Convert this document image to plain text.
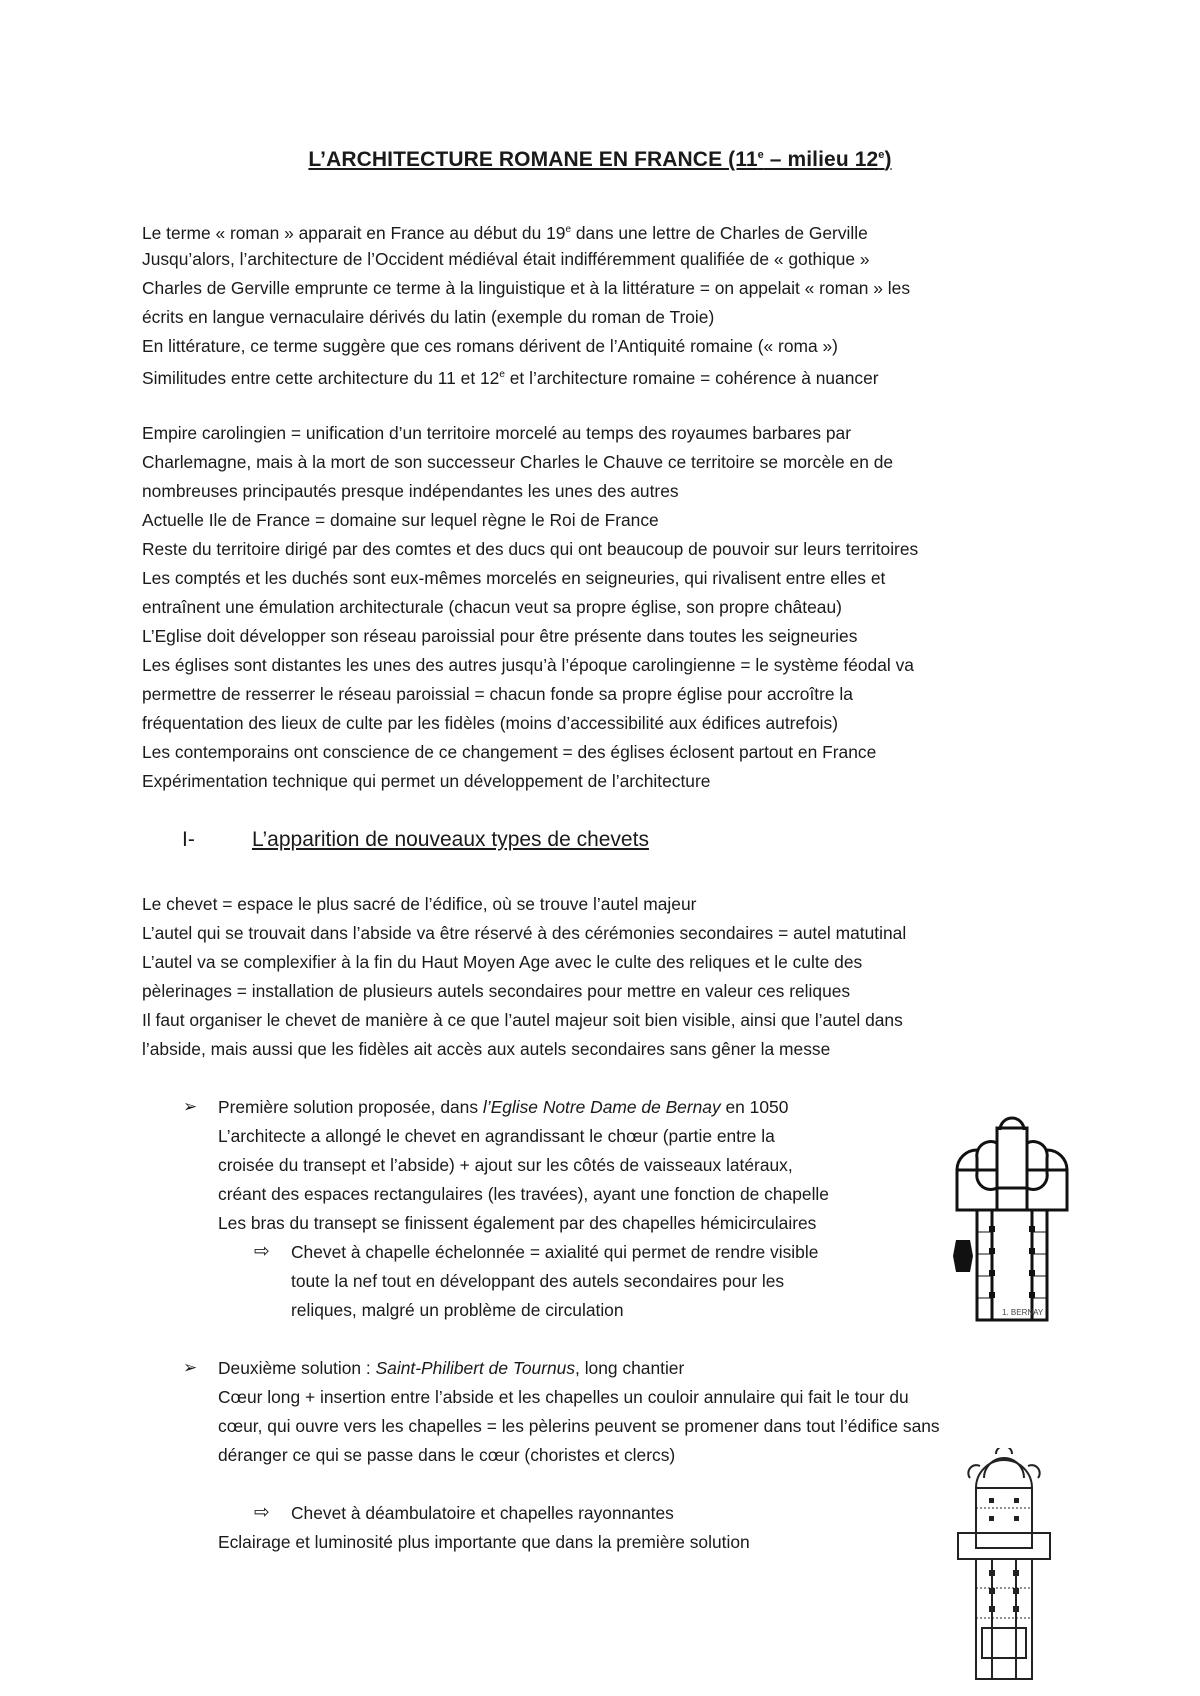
L’ARCHITECTURE ROMANE EN FRANCE (11e – milieu 12e)
Le terme « roman » apparait en France au début du 19e dans une lettre de Charles de Gerville
Jusqu’alors, l’architecture de l’Occident médiéval était indifféremment qualifiée de « gothique »
Charles de Gerville emprunte ce terme à la linguistique et à la littérature = on appelait « roman » les
écrits en langue vernaculaire dérivés du latin (exemple du roman de Troie)
En littérature, ce terme suggère que ces romans dérivent de l’Antiquité romaine (« roma »)
Similitudes entre cette architecture du 11 et 12e et l’architecture romaine = cohérence à nuancer
Empire carolingien = unification d’un territoire morcelé au temps des royaumes barbares par
Charlemagne, mais à la mort de son successeur Charles le Chauve ce territoire se morcèle en de
nombreuses principautés presque indépendantes les unes des autres
Actuelle Ile de France = domaine sur lequel règne le Roi de France
Reste du territoire dirigé par des comtes et des ducs qui ont beaucoup de pouvoir sur leurs territoires
Les comptés et les duchés sont eux-mêmes morcelés en seigneuries, qui rivalisent entre elles et
entraînent une émulation architecturale (chacun veut sa propre église, son propre château)
L’Eglise doit développer son réseau paroissial pour être présente dans toutes les seigneuries
Les églises sont distantes les unes des autres jusqu’à l’époque carolingienne = le système féodal va
permettre de resserrer le réseau paroissial = chacun fonde sa propre église pour accroître la
fréquentation des lieux de culte par les fidèles (moins d’accessibilité aux édifices autrefois)
Les contemporains ont conscience de ce changement = des églises éclosent partout en France
Expérimentation technique qui permet un développement de l’architecture
I-	L’apparition de nouveaux types de chevets
Le chevet = espace le plus sacré de l’édifice, où se trouve l’autel majeur
L’autel qui se trouvait dans l’abside va être réservé à des cérémonies secondaires = autel matutinal
L’autel va se complexifier à la fin du Haut Moyen Age avec le culte des reliques et le culte des
pèlerinages = installation de plusieurs autels secondaires pour mettre en valeur ces reliques
Il faut organiser le chevet de manière à ce que l’autel majeur soit bien visible, ainsi que l’autel dans
l’abside, mais aussi que les fidèles ait accès aux autels secondaires sans gêner la messe
➢ Première solution proposée, dans l’Eglise Notre Dame de Bernay en 1050
L’architecte a allongé le chevet en agrandissant le chœur (partie entre la
croisée du transept et l’abside) + ajout sur les côtés de vaisseaux latéraux,
créant des espaces rectangulaires (les travées), ayant une fonction de chapelle
Les bras du transept se finissent également par des chapelles hémicirculaires
⇨ Chevet à chapelle échelonnée = axialité qui permet de rendre visible
toute la nef tout en développant des autels secondaires pour les
reliques, malgré un problème de circulation	1. BERNAY
➢ Deuxième solution : Saint-Philibert de Tournus, long chantier
Cœur long + insertion entre l’abside et les chapelles un couloir annulaire qui fait le tour du
cœur, qui ouvre vers les chapelles = les pèlerins peuvent se promener dans tout l’édifice sans
déranger ce qui se passe dans le cœur (choristes et clercs)
⇨ Chevet à déambulatoire et chapelles rayonnantes
Eclairage et luminosité plus importante que dans la première solution
